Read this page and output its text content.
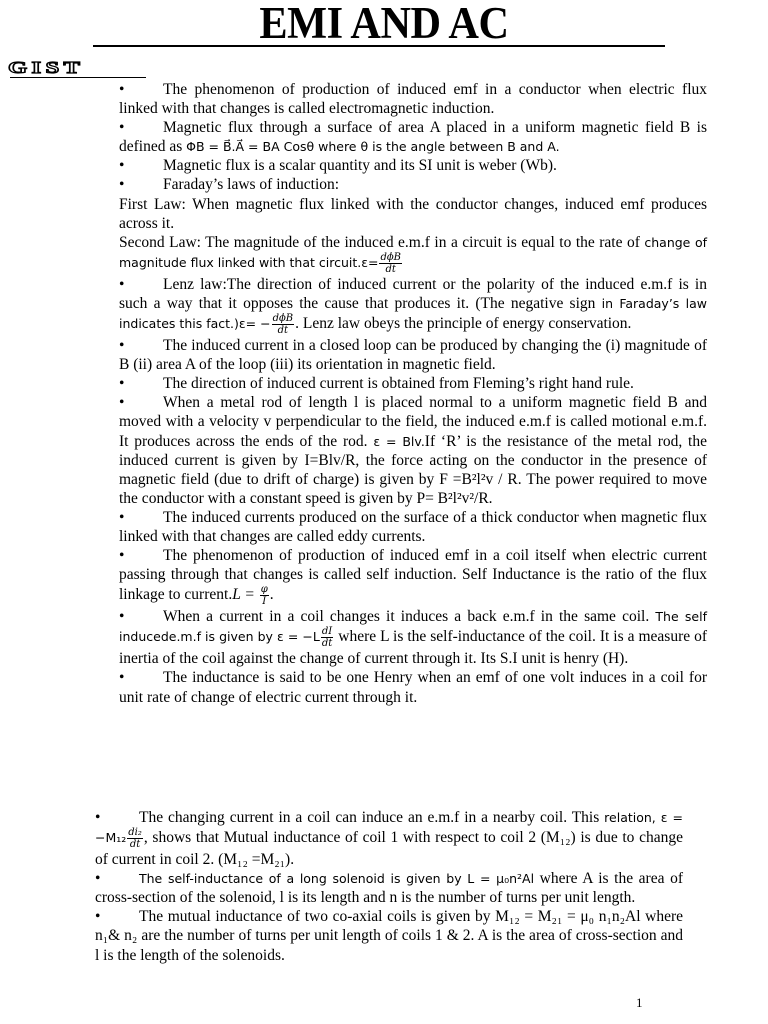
EMI AND AC
GIST

• The phenomenon of production of induced emf in a conductor when electric flux linked with that changes is called electromagnetic induction.

• Magnetic flux through a surface of area A placed in a uniform magnetic field B is defined as ΦB = B⃗.A⃗ = BA Cosθ where θ is the angle between B and A.

• Magnetic flux is a scalar quantity and its SI unit is weber (Wb).

• Faraday’s laws of induction:

First Law: When magnetic flux linked with the conductor changes, induced emf produces across it.

Second Law: The magnitude of the induced e.m.f in a circuit is equal to the rate of change of magnitude flux linked with that circuit.ε= $\frac{\text{dϕB}}{dt}$

• Lenz law:The direction of induced current or the polarity of the induced e.m.f is in such a way that it opposes the cause that produces it. (The negative sign in Faraday’s law indicates this fact.)ε= − $\frac{\text{dϕB}}{dt}$ . Lenz law obeys the principle of energy conservation.

• The induced current in a closed loop can be produced by changing the (i) magnitude of B (ii) area A of the loop (iii) its orientation in magnetic field.

• The direction of induced current is obtained from Fleming’s right hand rule.

• When a metal rod of length l is placed normal to a uniform magnetic field B and moved with a velocity v perpendicular to the field, the induced e.m.f is called motional e.m.f. It produces across the ends of the rod. ε = Blv.If ‘R’ is the resistance of the metal rod, the induced current is given by I=Blv/R, the force acting on the conductor in the presence of magnetic field (due to drift of charge) is given by F =B²l²v / R. The power required to move the conductor with a constant speed is given by P= B²l²v²/R.

• The induced currents produced on the surface of a thick conductor when magnetic flux linked with that changes are called eddy currents.

• The phenomenon of production of induced emf in a coil itself when electric current passing through that changes is called self induction. Self Inductance is the ratio of the flux linkage to current.L = $\frac{\varphi}{I}$ .

• When a current in a coil changes it induces a back e.m.f in the same coil. The self inducede.m.f is given by $\varepsilon = -L \frac{dI}{dt}$ where L is the self-inductance of the coil. It is a measure of inertia of the coil against the change of current through it. Its S.I unit is henry (H).

• The inductance is said to be one Henry when an emf of one volt induces in a coil for unit rate of change of electric current through it.

• The changing current in a coil can induce an e.m.f in a nearby coil. This relation, $\varepsilon = -M_{12} \frac{\text{di₂}}{dt}$ , shows that Mutual inductance of coil 1 with respect to coil 2 (M₁₂) is due to change of current in coil 2. (M₁₂ =M₂₁).

•	The self-inductance of a long solenoid is given by L = μ₀n²Al where A is the area of cross-section of the solenoid, l is its length and n is the number of turns per unit length.

• The mutual inductance of two co-axial coils is given by M₁₂ = M₂₁ = μ₀ n₁n₂Al where n₁& n₂ are the number of turns per unit length of coils 1 & 2. A is the area of cross-section and l is the length of the solenoids.

1
